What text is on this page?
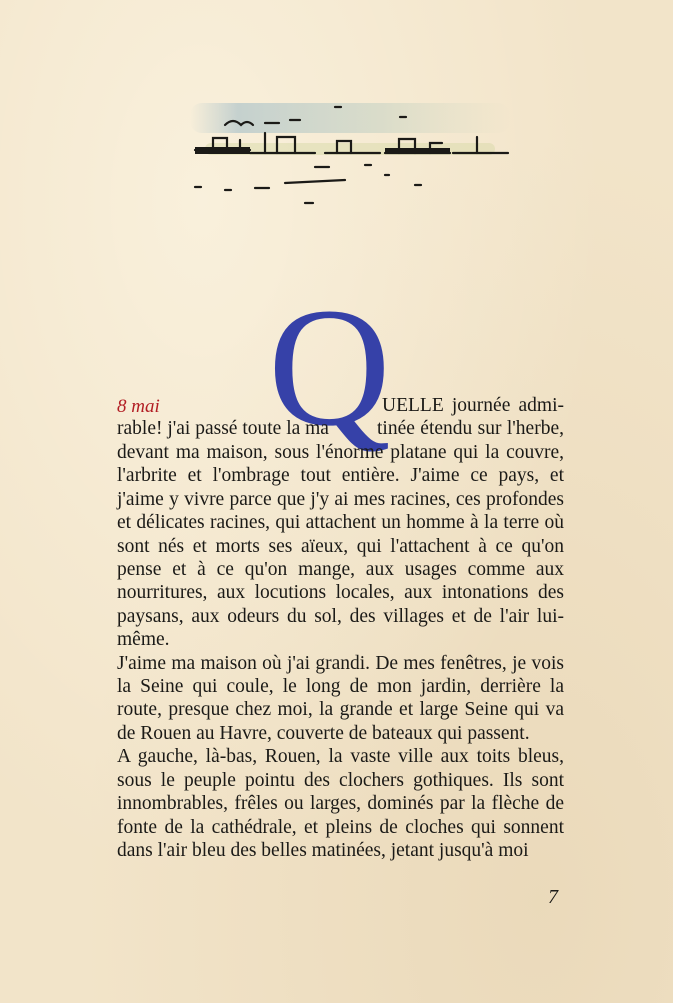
Q
8 mai	UELLE journée admi-
rable! j'ai passé toute la ma tinée étendu sur l'herbe,

devant ma maison, sous l'énorme platane qui la couvre, l'arbrite et l'ombrage tout entière. J'aime ce pays, et j'aime y vivre parce que j'y ai mes racines, ces profondes et délicates racines, qui attachent un homme à la terre où sont nés et morts ses aïeux, qui l'attachent à ce qu'on pense et à ce qu'on mange, aux usages comme aux nourritures, aux locutions locales, aux intonations des paysans, aux odeurs du sol, des villages et de l'air lui-même.

J'aime ma maison où j'ai grandi. De mes fenêtres, je vois la Seine qui coule, le long de mon jardin, derrière la route, presque chez moi, la grande et large Seine qui va de Rouen au Havre, couverte de bateaux qui passent.

A gauche, là-bas, Rouen, la vaste ville aux toits bleus, sous le peuple pointu des clochers gothiques. Ils sont innombrables, frêles ou larges, dominés par la flèche de fonte de la cathédrale, et pleins de cloches qui sonnent dans l'air bleu des belles matinées, jetant jusqu'à moi

7
